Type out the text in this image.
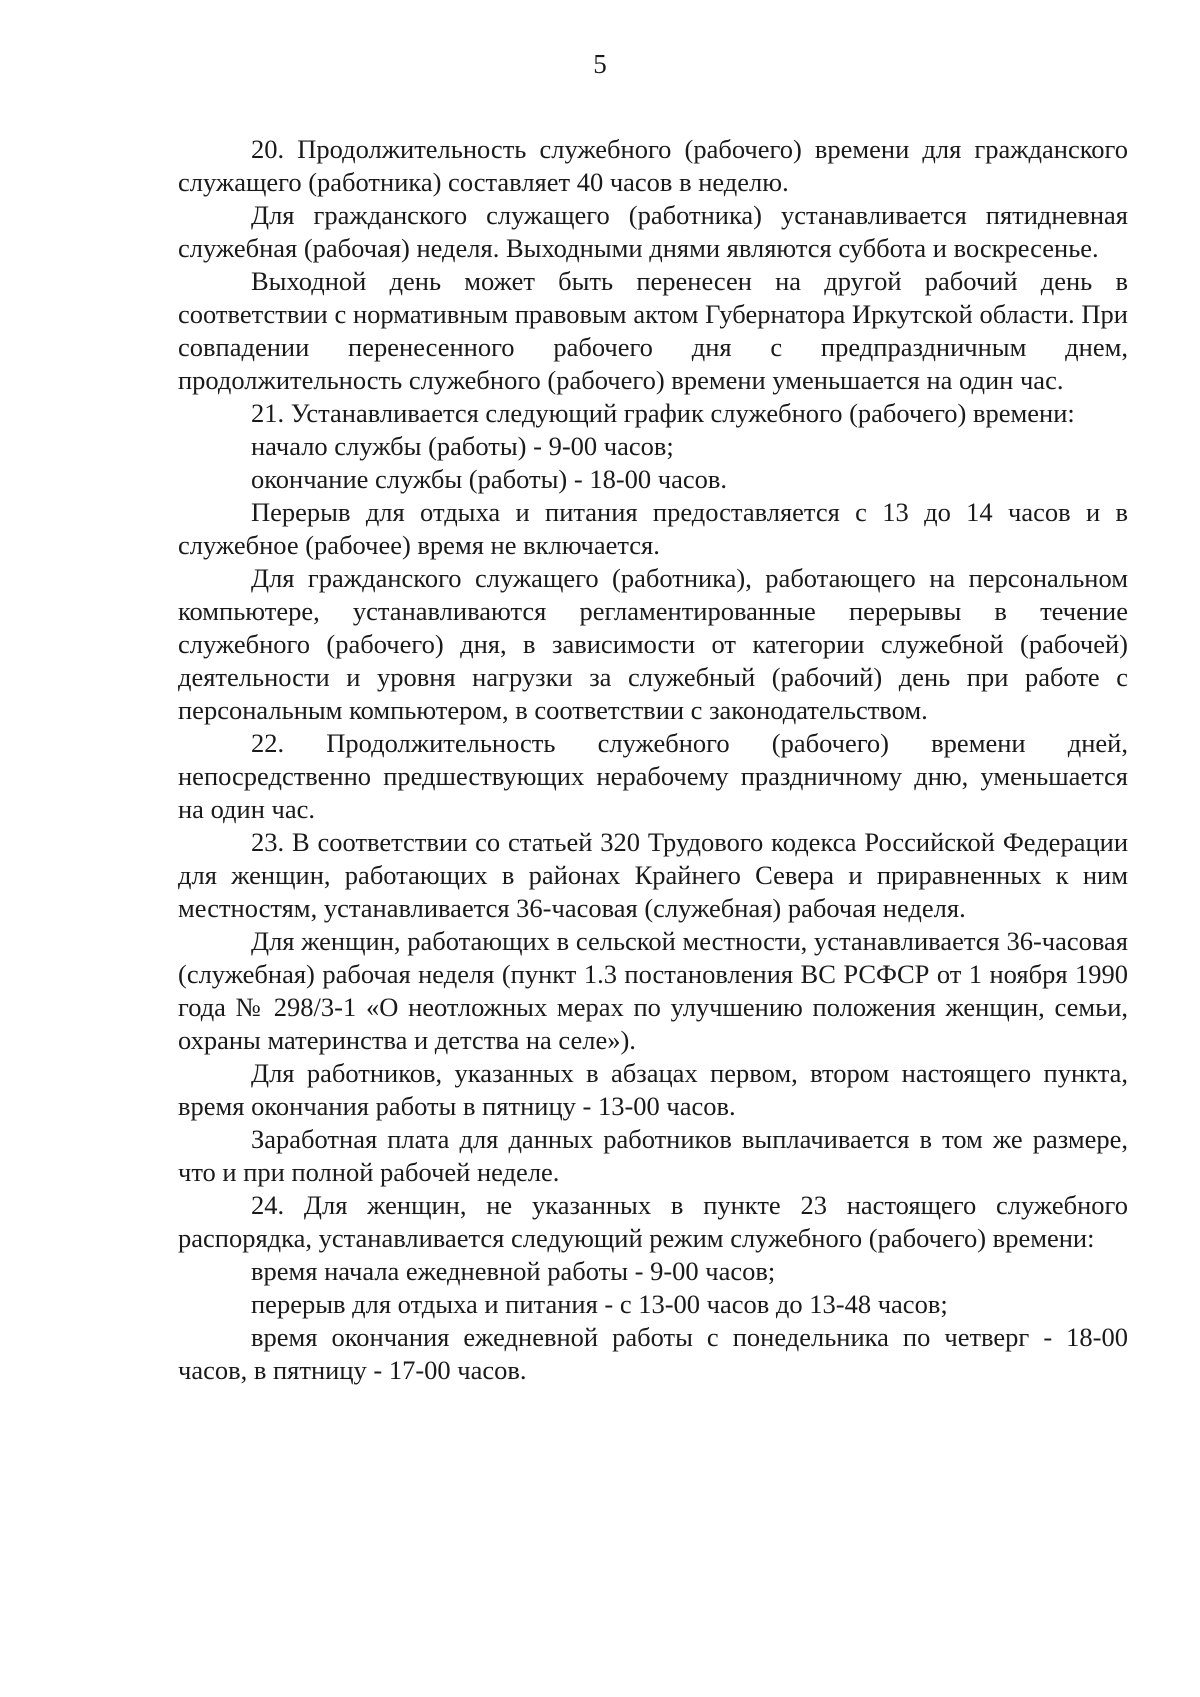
5

20. Продолжительность служебного (рабочего) времени для гражданского служащего (работника) составляет 40 часов в неделю.

Для гражданского служащего (работника) устанавливается пятидневная служебная (рабочая) неделя. Выходными днями являются суббота и воскресенье.

Выходной день может быть перенесен на другой рабочий день в соответствии с нормативным правовым актом Губернатора Иркутской области. При совпадении перенесенного рабочего дня с предпраздничным днем, продолжительность служебного (рабочего) времени уменьшается на один час.

21. Устанавливается следующий график служебного (рабочего) времени:

начало службы (работы) - 9-00 часов;

окончание службы (работы) - 18-00 часов.

Перерыв для отдыха и питания предоставляется с 13 до 14 часов и в служебное (рабочее) время не включается.

Для гражданского служащего (работника), работающего на персональном компьютере, устанавливаются регламентированные перерывы в течение служебного (рабочего) дня, в зависимости от категории служебной (рабочей) деятельности и уровня нагрузки за служебный (рабочий) день при работе с персональным компьютером, в соответствии с законодательством.

22. Продолжительность служебного (рабочего) времени дней, непосредственно предшествующих нерабочему праздничному дню, уменьшается на один час.

23. В соответствии со статьей 320 Трудового кодекса Российской Федерации для женщин, работающих в районах Крайнего Севера и приравненных к ним местностям, устанавливается 36-часовая (служебная) рабочая неделя.

Для женщин, работающих в сельской местности, устанавливается 36-часовая (служебная) рабочая неделя (пункт 1.3 постановления ВС РСФСР от 1 ноября 1990 года № 298/3-1 «О неотложных мерах по улучшению положения женщин, семьи, охраны материнства и детства на селе»).

Для работников, указанных в абзацах первом, втором настоящего пункта, время окончания работы в пятницу - 13-00 часов.

Заработная плата для данных работников выплачивается в том же размере, что и при полной рабочей неделе.

24. Для женщин, не указанных в пункте 23 настоящего служебного распорядка, устанавливается следующий режим служебного (рабочего) времени:

время начала ежедневной работы - 9-00 часов;

перерыв для отдыха и питания - с 13-00 часов до 13-48 часов;

время окончания ежедневной работы с понедельника по четверг - 18-00 часов, в пятницу - 17-00 часов.
